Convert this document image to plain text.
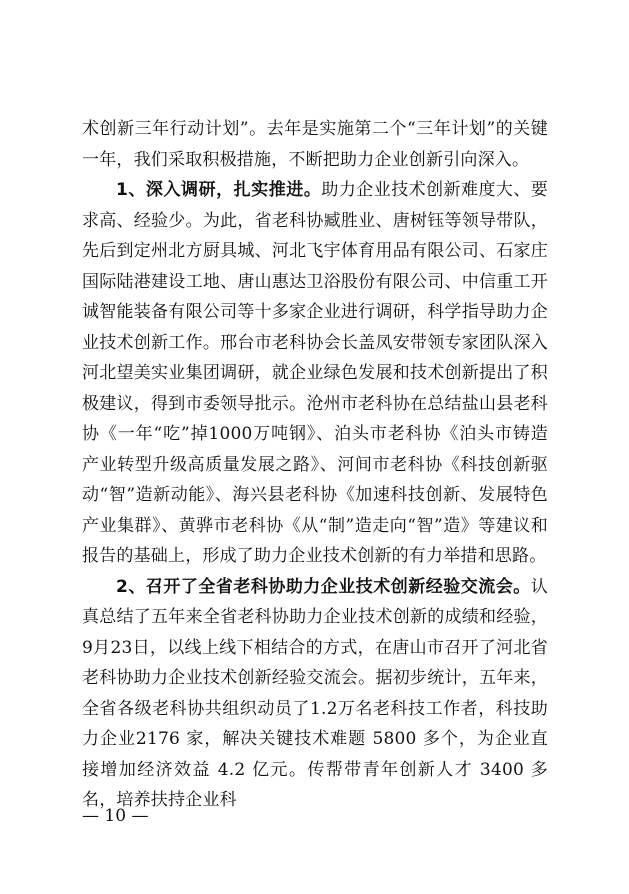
术创新三年行动计划”。去年是实施第二个“三年计划”的关键一年，我们采取积极措施，不断把助力企业创新引向深入。

1、深入调研，扎实推进。助力企业技术创新难度大、要求高、经验少。为此，省老科协臧胜业、唐树钰等领导带队，先后到定州北方厨具城、河北飞宇体育用品有限公司、石家庄国际陆港建设工地、唐山惠达卫浴股份有限公司、中信重工开诚智能装备有限公司等十多家企业进行调研，科学指导助力企业技术创新工作。邢台市老科协会长盖凤安带领专家团队深入河北望美实业集团调研，就企业绿色发展和技术创新提出了积极建议，得到市委领导批示。沧州市老科协在总结盐山县老科协《一年“吃”掉1000万吨钢》、泊头市老科协《泊头市铸造产业转型升级高质量发展之路》、河间市老科协《科技创新驱动“智”造新动能》、海兴县老科协《加速科技创新、发展特色产业集群》、黄骅市老科协《从“制”造走向“智”造》等建议和报告的基础上，形成了助力企业技术创新的有力举措和思路。

2、召开了全省老科协助力企业技术创新经验交流会。认真总结了五年来全省老科协助力企业技术创新的成绩和经验，9月23日，以线上线下相结合的方式，在唐山市召开了河北省老科协助力企业技术创新经验交流会。据初步统计，五年来，全省各级老科协共组织动员了1.2万名老科技工作者，科技助力企业2176 家，解决关键技术难题 5800 多个，为企业直接增加经济效益 4.2 亿元。传帮带青年创新人才 3400 多名，培养扶持企业科

— 10 —
